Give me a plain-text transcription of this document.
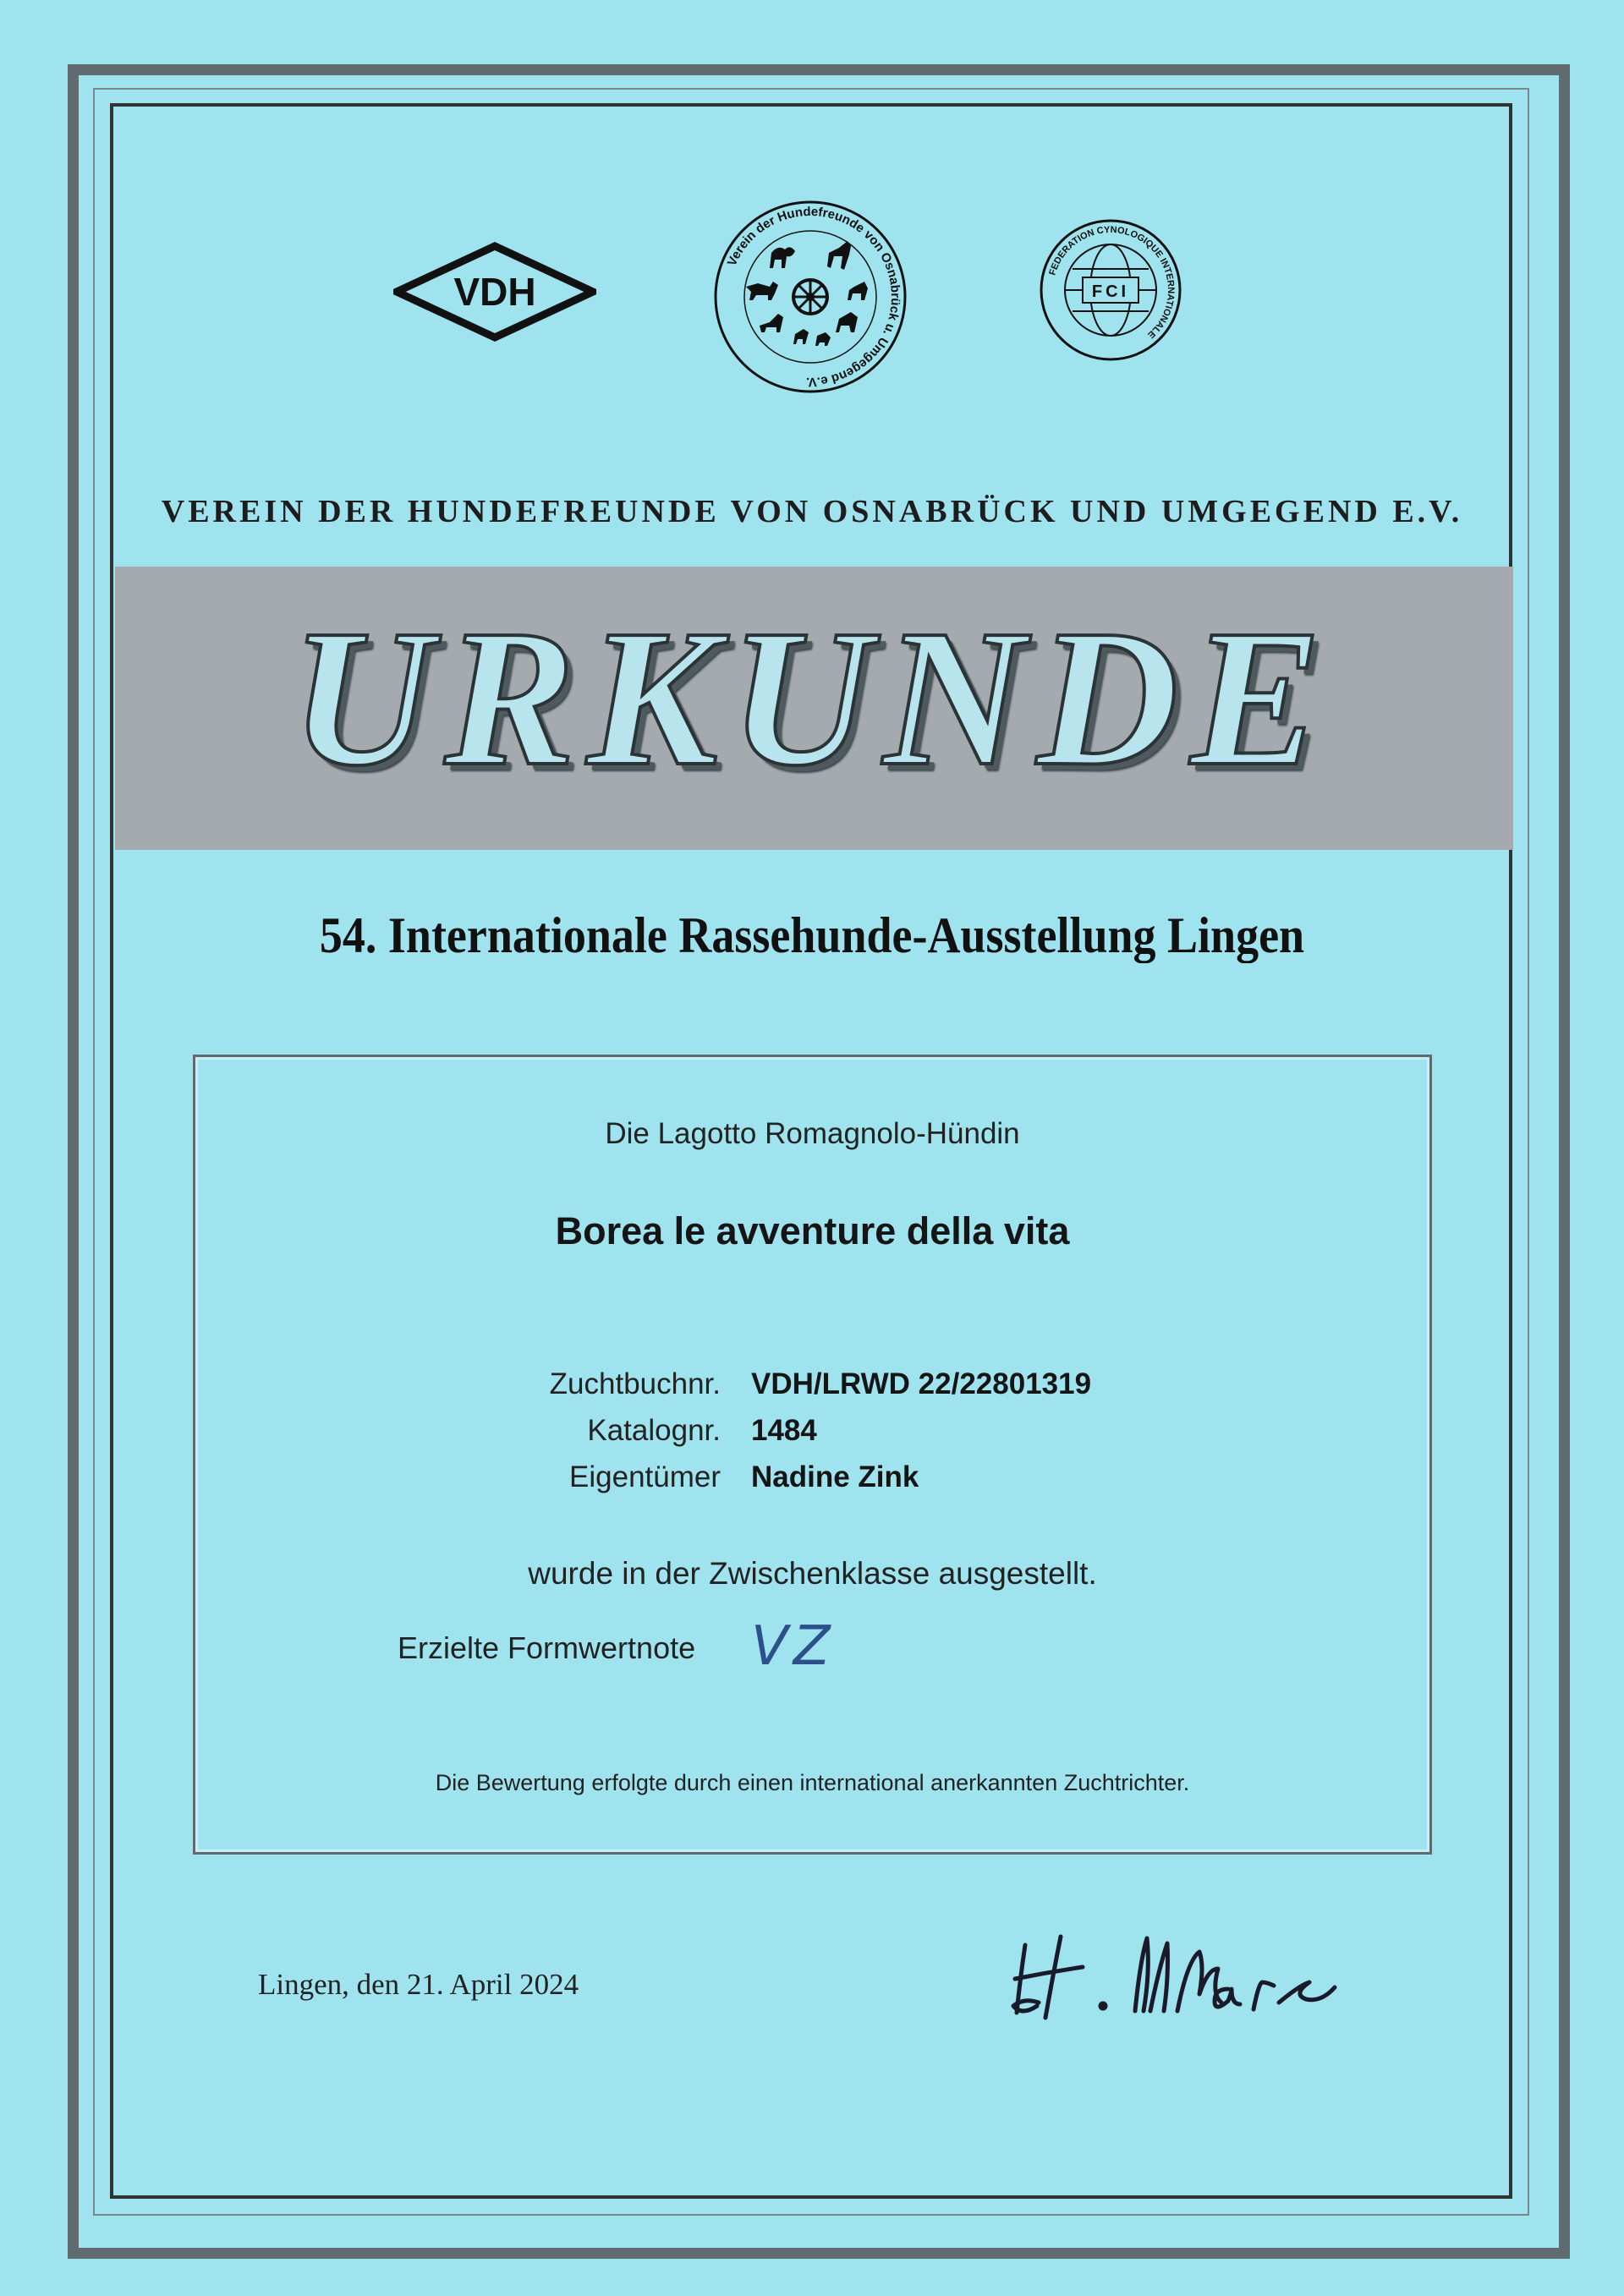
VDH
Verein der Hundefreunde von Osnabrück u. Umgegend e.V.
FCI
FEDERATION CYNOLOGIQUE INTERNATIONALE
VEREIN DER HUNDEFREUNDE VON OSNABRÜCK UND UMGEGEND E.V.
URKUNDE
54. Internationale Rassehunde-Ausstellung Lingen
Die Lagotto Romagnolo-Hündin
Borea le avventure della vita
Zuchtbuchnr. VDH/LRWD 22/22801319
Katalognr. 1484
Eigentümer Nadine Zink
wurde in der Zwischenklasse ausgestellt.
Erzielte Formwertnote VZ
Die Bewertung erfolgte durch einen international anerkannten Zuchtrichter.
Lingen, den 21. April 2024
